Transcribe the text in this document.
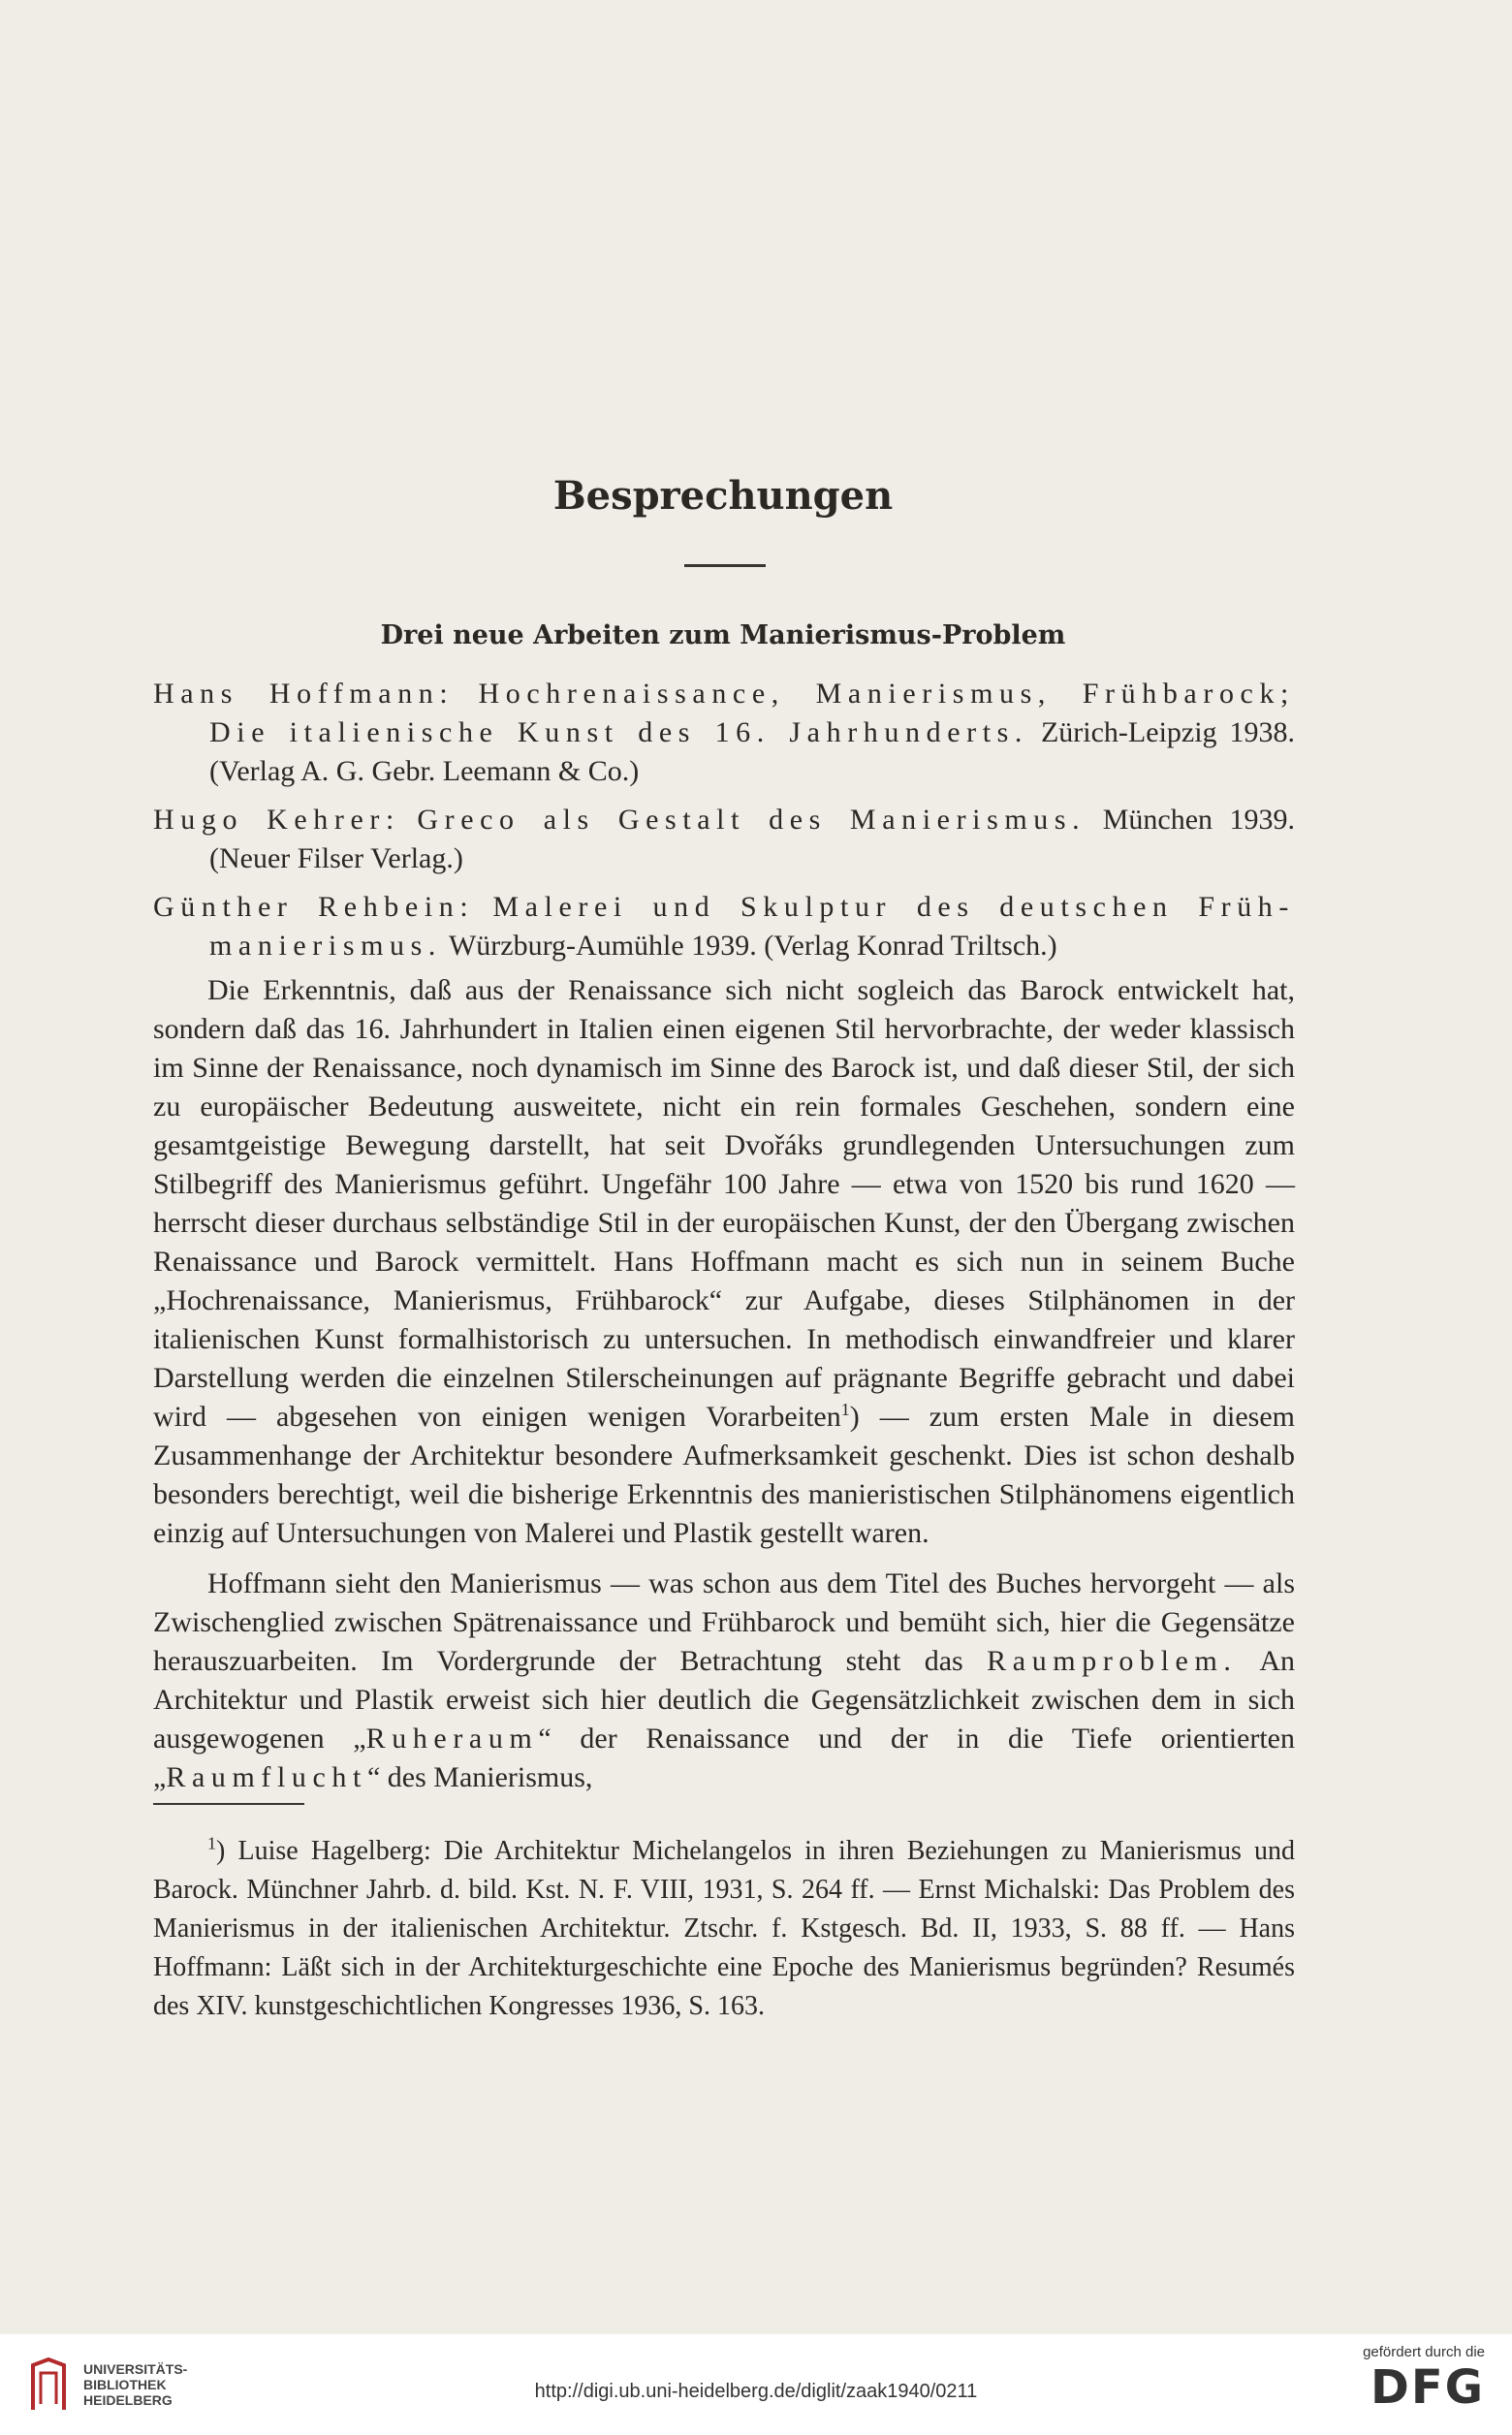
Besprechungen
Drei neue Arbeiten zum Manierismus-Problem
Hans Hoffmann: Hochrenaissance, Manierismus, Frühbarock; Die italienische Kunst des 16. Jahrhunderts. Zürich-Leipzig 1938. (Verlag A. G. Gebr. Leemann & Co.)
Hugo Kehrer: Greco als Gestalt des Manierismus. München 1939. (Neuer Filser Verlag.)
Günther Rehbein: Malerei und Skulptur des deutschen Früh-manierismus. Würzburg-Aumühle 1939. (Verlag Konrad Triltsch.)

Die Erkenntnis, daß aus der Renaissance sich nicht sogleich das Barock entwickelt hat, sondern daß das 16. Jahrhundert in Italien einen eigenen Stil hervorbrachte, der weder klassisch im Sinne der Renaissance, noch dynamisch im Sinne des Barock ist, und daß dieser Stil, der sich zu europäischer Bedeutung ausweitete, nicht ein rein formales Geschehen, sondern eine gesamtgeistige Bewegung darstellt, hat seit Dvořáks grundlegenden Untersuchungen zum Stilbegriff des Manierismus geführt. Ungefähr 100 Jahre — etwa von 1520 bis rund 1620 — herrscht dieser durchaus selbständige Stil in der europäischen Kunst, der den Übergang zwischen Renaissance und Barock vermittelt. Hans Hoffmann macht es sich nun in seinem Buche „Hochrenaissance, Manierismus, Frühbarock“ zur Aufgabe, dieses Stilphänomen in der italienischen Kunst formalhistorisch zu untersuchen. In methodisch einwandfreier und klarer Darstellung werden die einzelnen Stilerscheinungen auf prägnante Begriffe gebracht und dabei wird — abgesehen von einigen wenigen Vorarbeiten$^1$) — zum ersten Male in diesem Zusammenhange der Architektur besondere Aufmerksamkeit geschenkt. Dies ist schon deshalb besonders berechtigt, weil die bisherige Erkenntnis des manieristischen Stilphänomens eigentlich einzig auf Untersuchungen von Malerei und Plastik gestellt waren.

Hoffmann sieht den Manierismus — was schon aus dem Titel des Buches hervorgeht — als Zwischenglied zwischen Spätrenaissance und Frühbarock und bemüht sich, hier die Gegensätze herauszuarbeiten. Im Vordergrunde der Betrachtung steht das Raumproblem. An Architektur und Plastik erweist sich hier deutlich die Gegensätzlichkeit zwischen dem in sich ausgewogenen „Ruheraum“ der Renaissance und der in die Tiefe orientierten „Raumflucht“ des Manierismus,

$^1$) Luise Hagelberg: Die Architektur Michelangelos in ihren Beziehungen zu Manierismus und Barock. Münchner Jahrb. d. bild. Kst. N. F. VIII, 1931, S. 264 ff. — Ernst Michalski: Das Problem des Manierismus in der italienischen Architektur. Ztschr. f. Kstgesch. Bd. II, 1933, S. 88 ff. — Hans Hoffmann: Läßt sich in der Architekturgeschichte eine Epoche des Manierismus begründen? Resumés des XIV. kunstgeschichtlichen Kongresses 1936, S. 163.

UNIVERSITÄTS-
BIBLIOTHEK
HEIDELBERG	http://digi.ub.uni-heidelberg.de/diglit/zaak1940/0211
gefördert durch die
DFG
